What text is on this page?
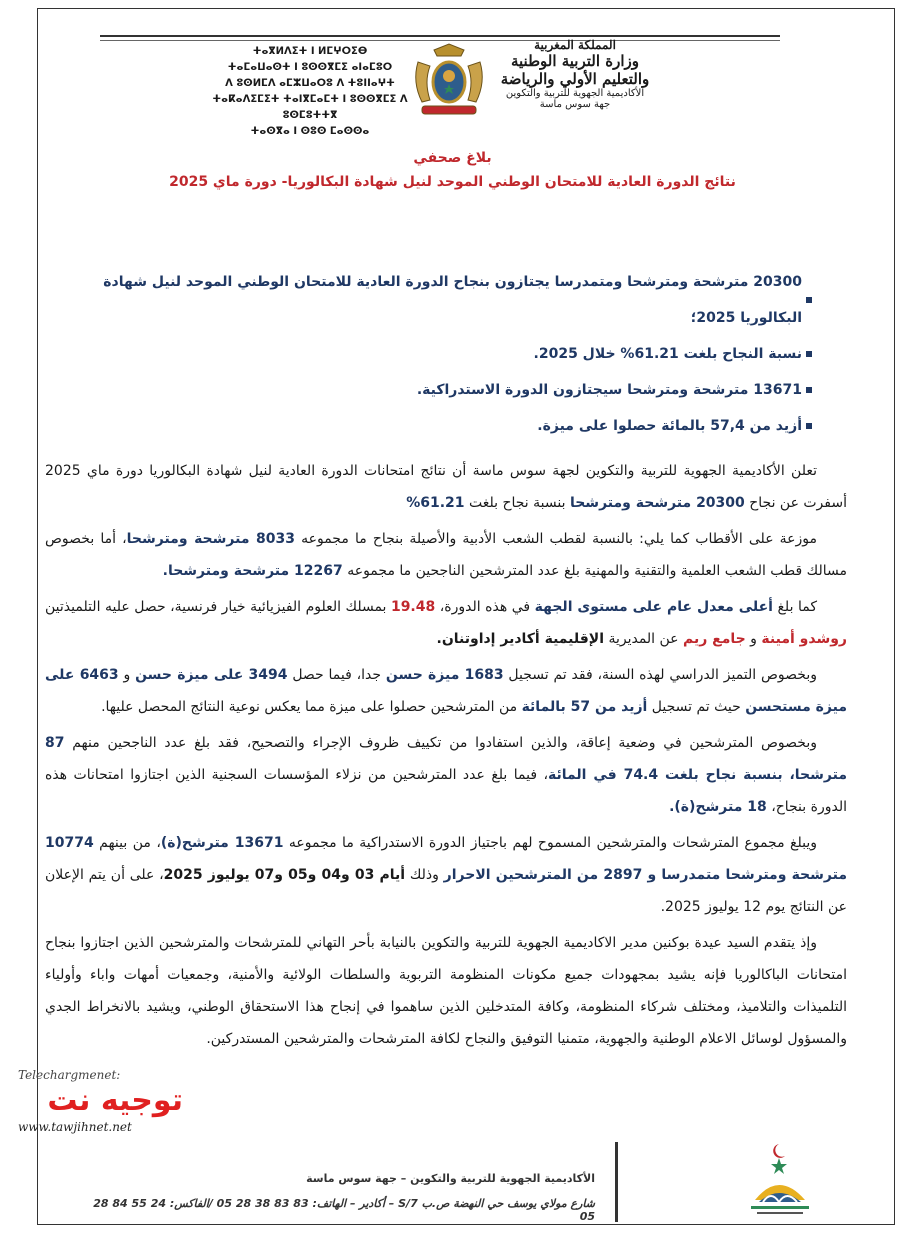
المملكة المغربية
وزارة التربية الوطنية
والتعليم الأولي والرياضة
الأكاديمية الجهوية للتربية والتكوين
جهة سوس ماسة
ⵜⴰⴳⵍⴷⵉⵜ ⵏ ⵍⵎⵖⵔⵉⴱ
ⵜⴰⵎⴰⵡⴰⵙⵜ ⵏ ⵓⵙⵙⴳⵎⵉ ⴰⵏⴰⵎⵓⵔ
ⴷ ⵓⵙⵍⵎⴷ ⴰⵎⵣⵡⴰⵔⵓ ⴷ ⵜⵓⵏⵏⴰⵖⵜ
ⵜⴰⴽⴰⴷⵉⵎⵉⵜ ⵜⴰⵏⴳⵎⴰⵎⵜ ⵏ ⵓⵙⵙⴳⵎⵉ ⴷ ⵓⵙⵎⵓⵜⵜⴳ
ⵜⴰⵙⴳⴰ ⵏ ⵙⵓⵙ ⵎⴰⵙⵙⴰ
بلاغ صحفي
نتائج الدورة العادية للامتحان الوطني الموحد لنيل شهادة البكالوريا- دورة ماي 2025
20300 مترشحة ومترشحا ومتمدرسا يجتازون بنجاح الدورة العادية للامتحان الوطني الموحد لنيل شهادة البكالوريا 2025؛
نسبة النجاح بلغت 61.21% خلال 2025.
13671 مترشحة ومترشحا سيجتازون الدورة الاستدراكية.
أزيد من 57,4 بالمائة حصلوا على ميزة.

تعلن الأكاديمية الجهوية للتربية والتكوين لجهة سوس ماسة أن نتائج امتحانات الدورة العادية لنيل شهادة البكالوريا دورة ماي 2025 أسفرت عن نجاح 20300 مترشحة ومترشحا بنسبة نجاح بلغت 61.21%

موزعة على الأقطاب كما يلي: بالنسبة لقطب الشعب الأدبية والأصيلة بنجاح ما مجموعه 8033 مترشحة ومترشحا، أما بخصوص مسالك قطب الشعب العلمية والتقنية والمهنية بلغ عدد المترشحين الناجحين ما مجموعه 12267 مترشحة ومترشحا.

كما بلغ أعلى معدل عام على مستوى الجهة في هذه الدورة، 19.48 بمسلك العلوم الفيزيائية خيار فرنسية، حصل عليه التلميذتين روشدو أمينة و جامع ريم عن المديرية الإقليمية أكادير إداوتنان.

وبخصوص التميز الدراسي لهذه السنة، فقد تم تسجيل 1683 ميزة حسن جدا، فيما حصل 3494 على ميزة حسن و 6463 على ميزة مستحسن حيث تم تسجيل أزيد من 57 بالمائة من المترشحين حصلوا على ميزة مما يعكس نوعية النتائج المحصل عليها.

وبخصوص المترشحين في وضعية إعاقة، والذين استفادوا من تكييف ظروف الإجراء والتصحيح، فقد بلغ عدد الناجحين منهم 87 مترشحا، بنسبة نجاح بلغت 74.4 في المائة، فيما بلغ عدد المترشحين من نزلاء المؤسسات السجنية الذين اجتازوا امتحانات هذه الدورة بنجاح، 18 مترشح(ة).

ويبلغ مجموع المترشحات والمترشحين المسموح لهم باجتياز الدورة الاستدراكية ما مجموعه 13671 مترشح(ة)، من بينهم 10774 مترشحة ومترشحا متمدرسا و 2897 من المترشحين الاحرار وذلك أيام 03 و04 و05 و07 يوليوز 2025، على أن يتم الإعلان عن النتائج يوم 12 يوليوز 2025.

وإذ يتقدم السيد عيدة بوكنين مدير الاكاديمية الجهوية للتربية والتكوين بالنيابة بأحر التهاني للمترشحات والمترشحين الذين اجتازوا بنجاح امتحانات الباكالوريا فإنه يشيد بمجهودات جميع مكونات المنظومة التربوية والسلطات الولائية والأمنية، وجمعيات أمهات واباء وأولياء التلميذات والتلاميذ، ومختلف شركاء المنظومة، وكافة المتدخلين الذين ساهموا في إنجاح هذا الاستحقاق الوطني، ويشيد بالانخراط الجدي والمسؤول لوسائل الاعلام الوطنية والجهوية، متمنيا التوفيق والنجاح لكافة المترشحات والمترشحين المستدركين.

Telechargmenet:
توجيه نت
www.tawjihnet.net
الأكاديمية الجهوية للتربية والتكوين – جهة سوس ماسة
شارع مولاي يوسف حي النهضة ص.ب 7/S – أكادير – الهاتف: 83 83 38 28 05 /الفاكس: 24 55 84 28 05
